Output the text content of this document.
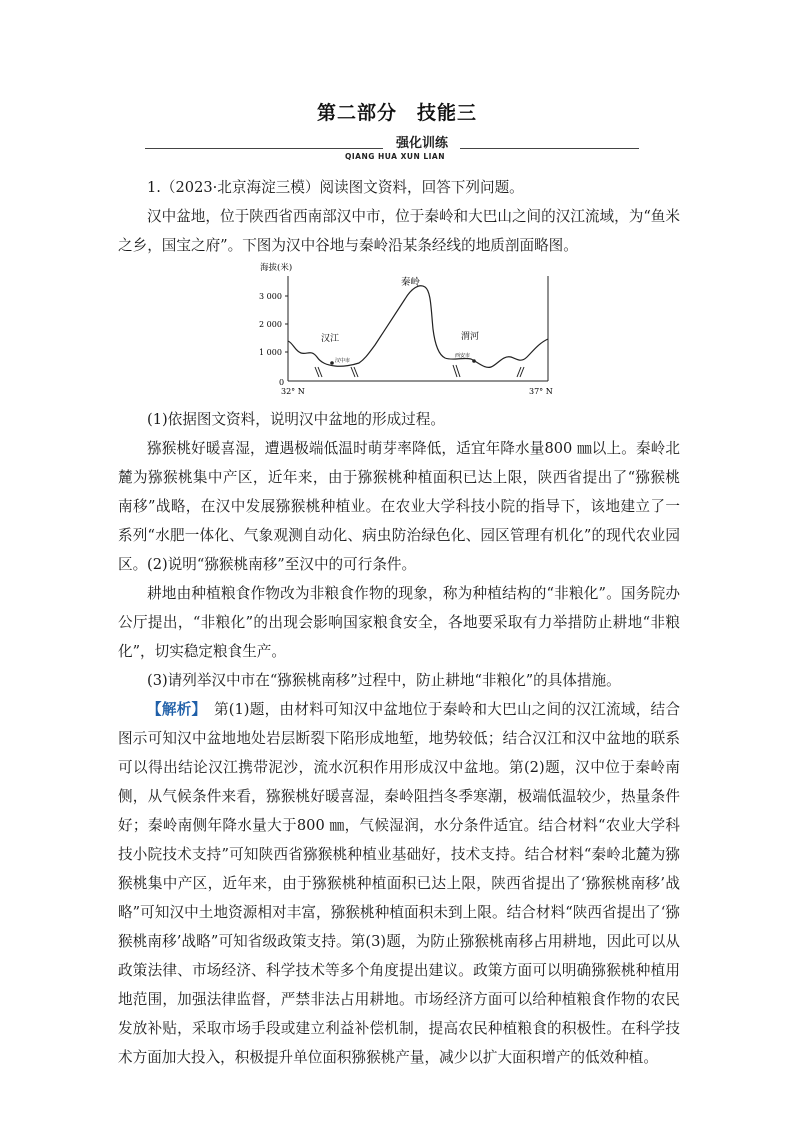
第二部分　技能三
强化训练
QIANG HUA XUN LIAN

1.（2023·北京海淀三模）阅读图文资料，回答下列问题。

汉中盆地，位于陕西省西南部汉中市，位于秦岭和大巴山之间的汉江流域，为“鱼米之乡，国宝之府”。下图为汉中谷地与秦岭沿某条经线的地质剖面略图。

海拔(米)
3 000
2 000
1 000
0
32° N	37° N
秦岭
汉江
汉中市
渭河
西安市

(1)依据图文资料，说明汉中盆地的形成过程。

猕猴桃好暖喜湿，遭遇极端低温时萌芽率降低，适宜年降水量800 ㎜以上。秦岭北麓为猕猴桃集中产区，近年来，由于猕猴桃种植面积已达上限，陕西省提出了“猕猴桃南移”战略，在汉中发展猕猴桃种植业。在农业大学科技小院的指导下，该地建立了一系列“水肥一体化、气象观测自动化、病虫防治绿色化、园区管理有机化”的现代农业园区。 (2)说明“猕猴桃南移”至汉中的可行条件。

耕地由种植粮食作物改为非粮食作物的现象，称为种植结构的“非粮化”。国务院办公厅提出，“非粮化”的出现会影响国家粮食安全，各地要采取有力举措防止耕地“非粮化”，切实稳定粮食生产。

(3)请列举汉中市在“猕猴桃南移”过程中，防止耕地“非粮化”的具体措施。

【解析】　 第(1)题，由材料可知汉中盆地位于秦岭和大巴山之间的汉江流域，结合图示可知汉中盆地地处岩层断裂下陷形成地堑，地势较低；结合汉江和汉中盆地的联系可以得出结论汉江携带泥沙，流水沉积作用形成汉中盆地。第(2)题，汉中位于秦岭南侧，从气候条件来看，猕猴桃好暖喜湿，秦岭阻挡冬季寒潮，极端低温较少，热量条件好；秦岭南侧年降水量大于800 ㎜，气候湿润，水分条件适宜。结合材料“农业大学科技小院技术支持”可知陕西省猕猴桃种植业基础好，技术支持。结合材料“秦岭北麓为猕猴桃集中产区，近年来，由于猕猴桃种植面积已达上限，陕西省提出了‘猕猴桃南移’战略”可知汉中土地资源相对丰富，猕猴桃种植面积未到上限。结合材料“陕西省提出了‘猕猴桃南移’战略”可知省级政策支持。第(3)题，为防止猕猴桃南移占用耕地，因此可以从政策法律、市场经济、科学技术等多个角度提出建议。政策方面可以明确猕猴桃种植用地范围，加强法律监督，严禁非法占用耕地。市场经济方面可以给种植粮食作物的农民发放补贴，采取市场手段或建立利益补偿机制，提高农民种植粮食的积极性。在科学技术方面加大投入，积极提升单位面积猕猴桃产量，减少以扩大面积增产的低效种植。
